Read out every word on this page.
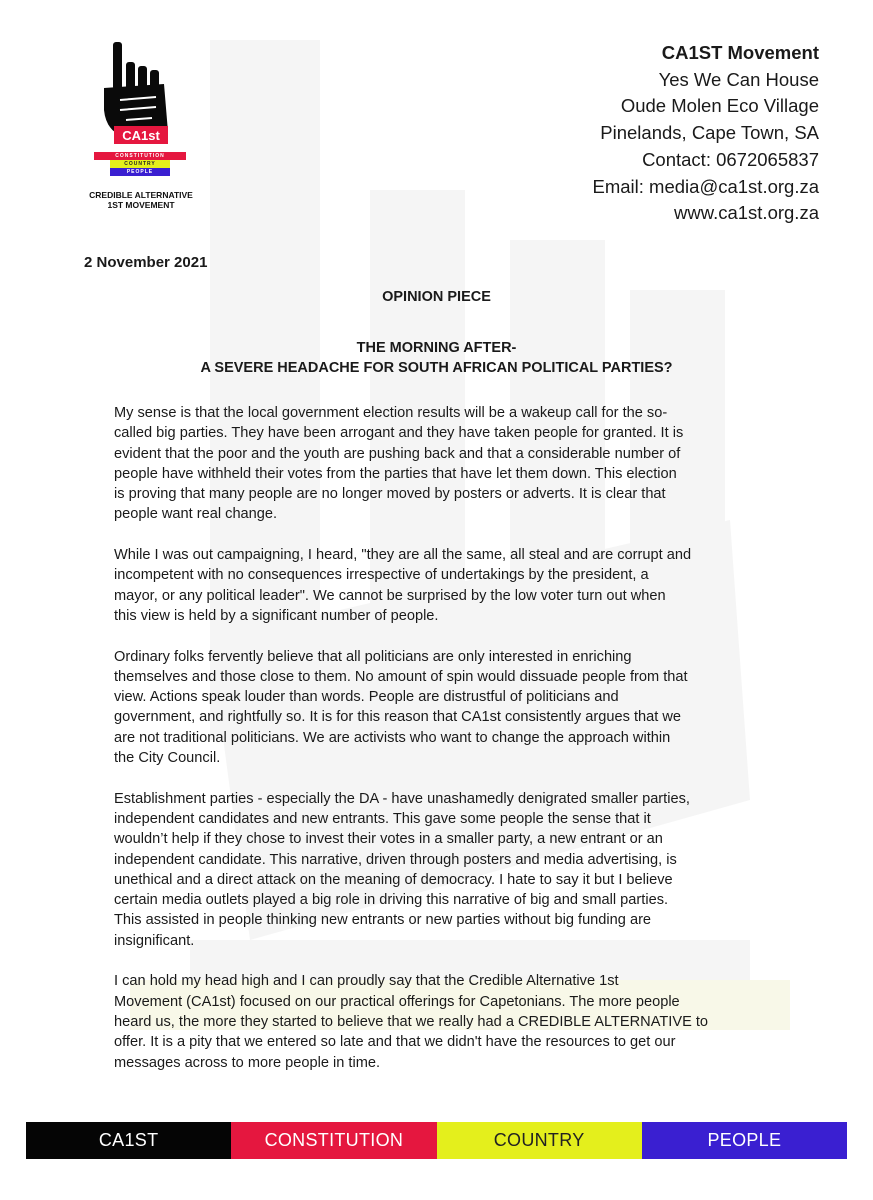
CA1st
CONSTITUTION
COUNTRY
PEOPLE
CREDIBLE ALTERNATIVE
1ST MOVEMENT
CA1ST Movement
Yes We Can House
Oude Molen Eco Village
Pinelands, Cape Town, SA
Contact: 0672065837
Email: media@ca1st.org.za
www.ca1st.org.za
2 November 2021
OPINION PIECE
THE MORNING AFTER-
A SEVERE HEADACHE FOR SOUTH AFRICAN POLITICAL PARTIES?

My sense is that the local government election results will be a wakeup call for the so-
called big parties. They have been arrogant and they have taken people for granted. It is
evident that the poor and the youth are pushing back and that a considerable number of
people have withheld their votes from the parties that have let them down. This election
is proving that many people are no longer moved by posters or adverts. It is clear that
people want real change.

While I was out campaigning, I heard, "they are all the same, all steal and are corrupt and
incompetent with no consequences irrespective of undertakings by the president, a
mayor, or any political leader". We cannot be surprised by the low voter turn out when
this view is held by a significant number of people.

Ordinary folks fervently believe that all politicians are only interested in enriching
themselves and those close to them. No amount of spin would dissuade people from that
view. Actions speak louder than words. People are distrustful of politicians and
government, and rightfully so. It is for this reason that CA1st consistently argues that we
are not traditional politicians. We are activists who want to change the approach within
the City Council.

Establishment parties - especially the DA - have unashamedly denigrated smaller parties,
independent candidates and new entrants. This gave some people the sense that it
wouldn’t help if they chose to invest their votes in a smaller party, a new entrant or an
independent candidate. This narrative, driven through posters and media advertising, is
unethical and a direct attack on the meaning of democracy. I hate to say it but I believe
certain media outlets played a big role in driving this narrative of big and small parties.
This assisted in people thinking new entrants or new parties without big funding are
insignificant.

I can hold my head high and I can proudly say that the Credible Alternative 1st
Movement (CA1st) focused on our practical offerings for Capetonians. The more people
heard us, the more they started to believe that we really had a CREDIBLE ALTERNATIVE to
offer. It is a pity that we entered so late and that we didn't have the resources to get our
messages across to more people in time.

CA1ST	CONSTITUTION	COUNTRY	PEOPLE
